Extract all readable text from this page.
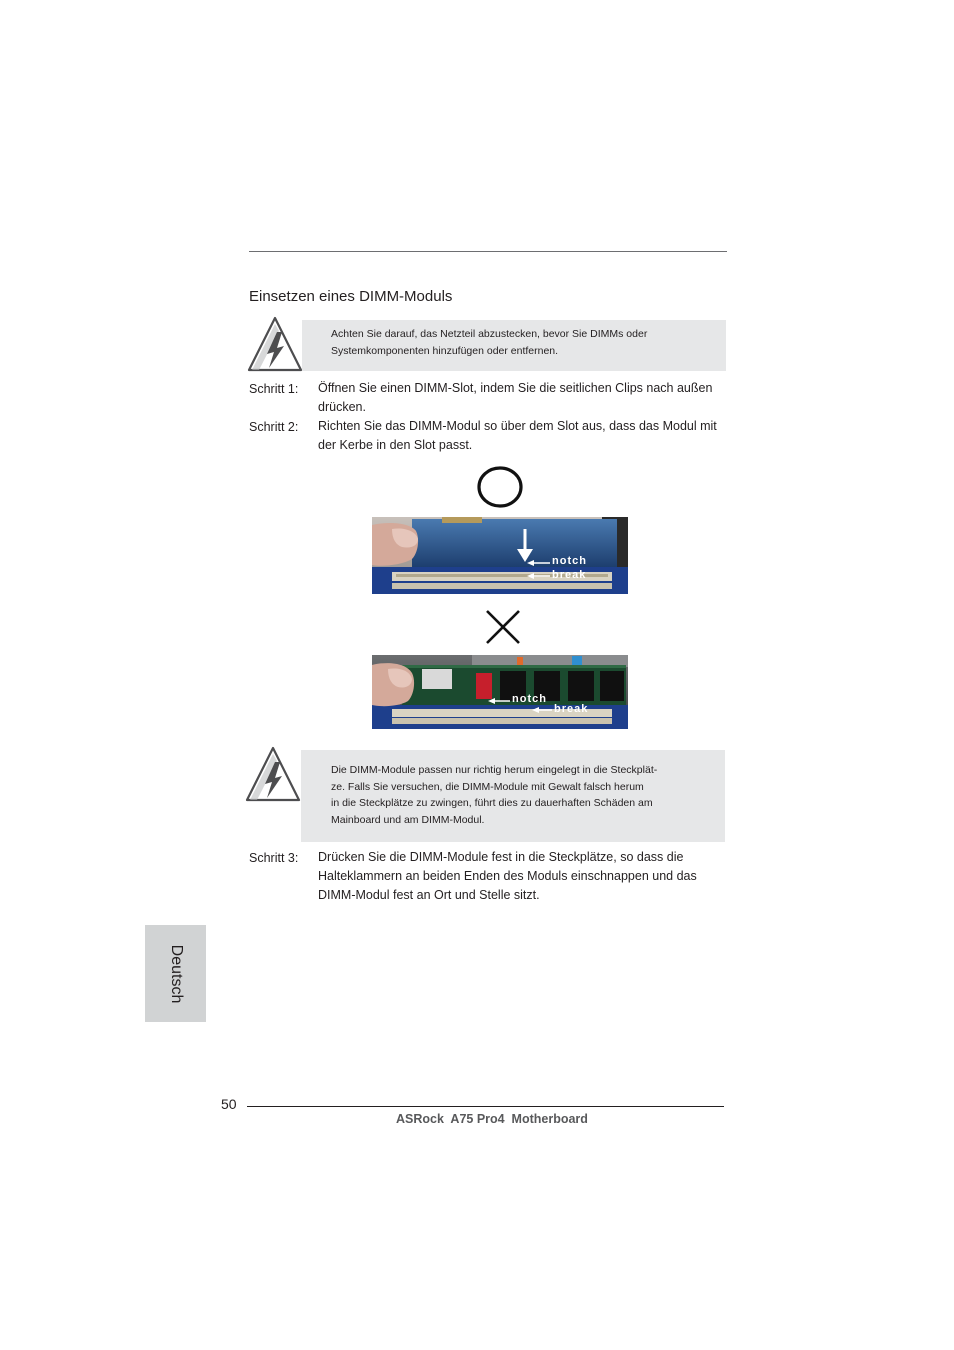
Einsetzen eines DIMM-Moduls
Achten Sie darauf, das Netzteil abzustecken, bevor Sie DIMMs oder
Systemkomponenten hinzufügen oder entfernen.
Schritt 1: Öffnen Sie einen DIMM-Slot, indem Sie die seitlichen Clips nach außen
drücken.
Schritt 2: Richten Sie das DIMM-Modul so über dem Slot aus, dass das Modul mit
der Kerbe in den Slot passt.
notch
break
notch
break
Die DIMM-Module passen nur richtig herum eingelegt in die Steckplät-
ze. Falls Sie versuchen, die DIMM-Module mit Gewalt falsch herum
in die Steckplätze zu zwingen, führt dies zu dauerhaften Schäden am
Mainboard und am DIMM-Modul.
Schritt 3: Drücken Sie die DIMM-Module fest in die Steckplätze, so dass die
Halteklammern an beiden Enden des Moduls einschnappen und das
DIMM-Modul fest an Ort und Stelle sitzt.
Deutsch
50
ASRock  A75 Pro4  Motherboard
